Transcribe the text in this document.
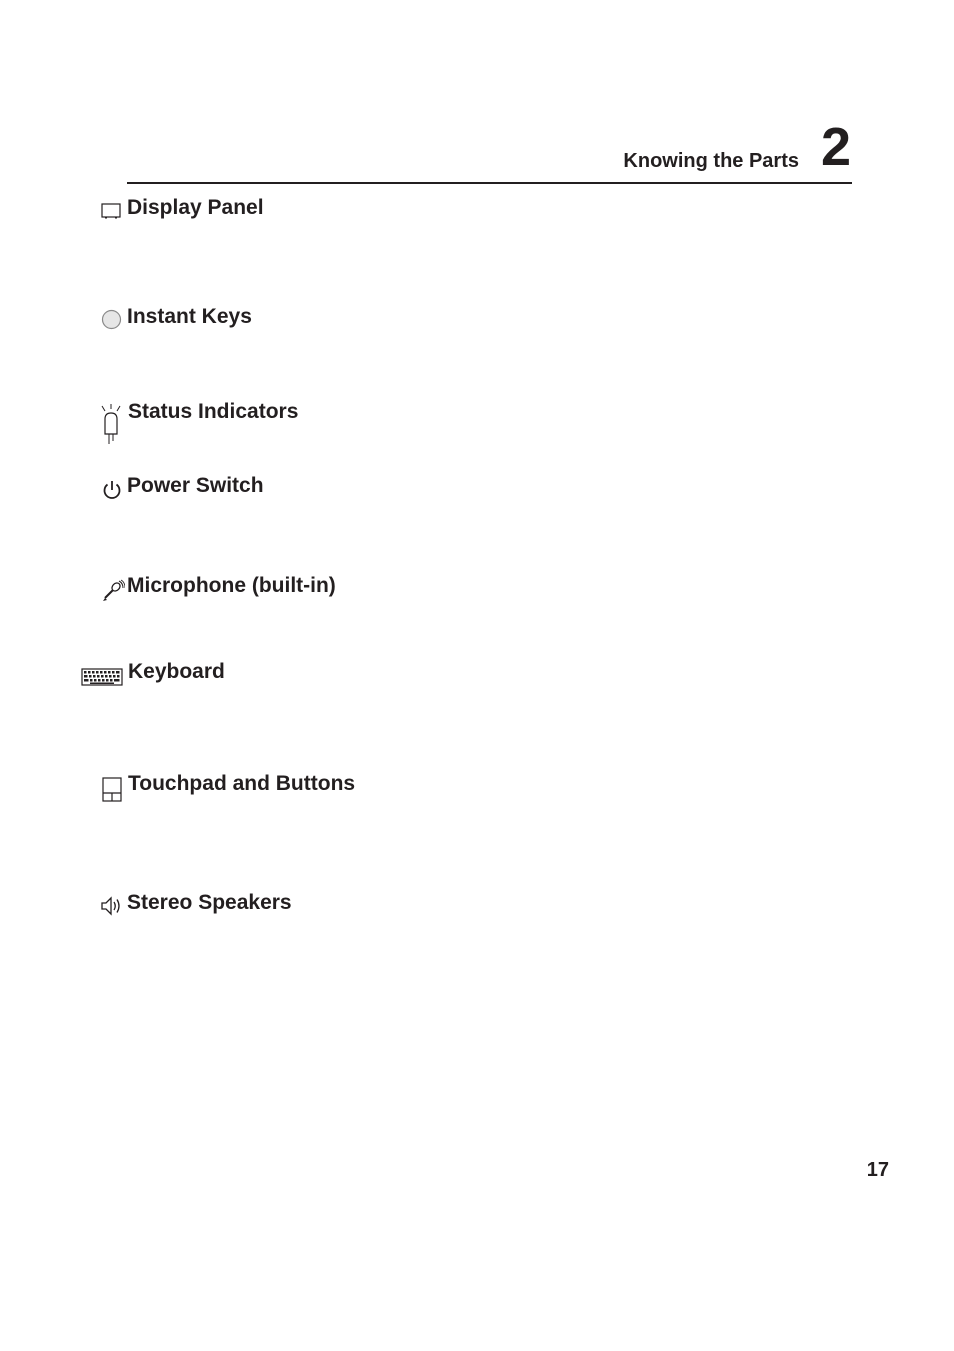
Knowing the Parts 2
Display Panel
Instant Keys
Status Indicators
Power Switch
Microphone (built-in)
Keyboard
Touchpad and Buttons
Stereo Speakers
17
